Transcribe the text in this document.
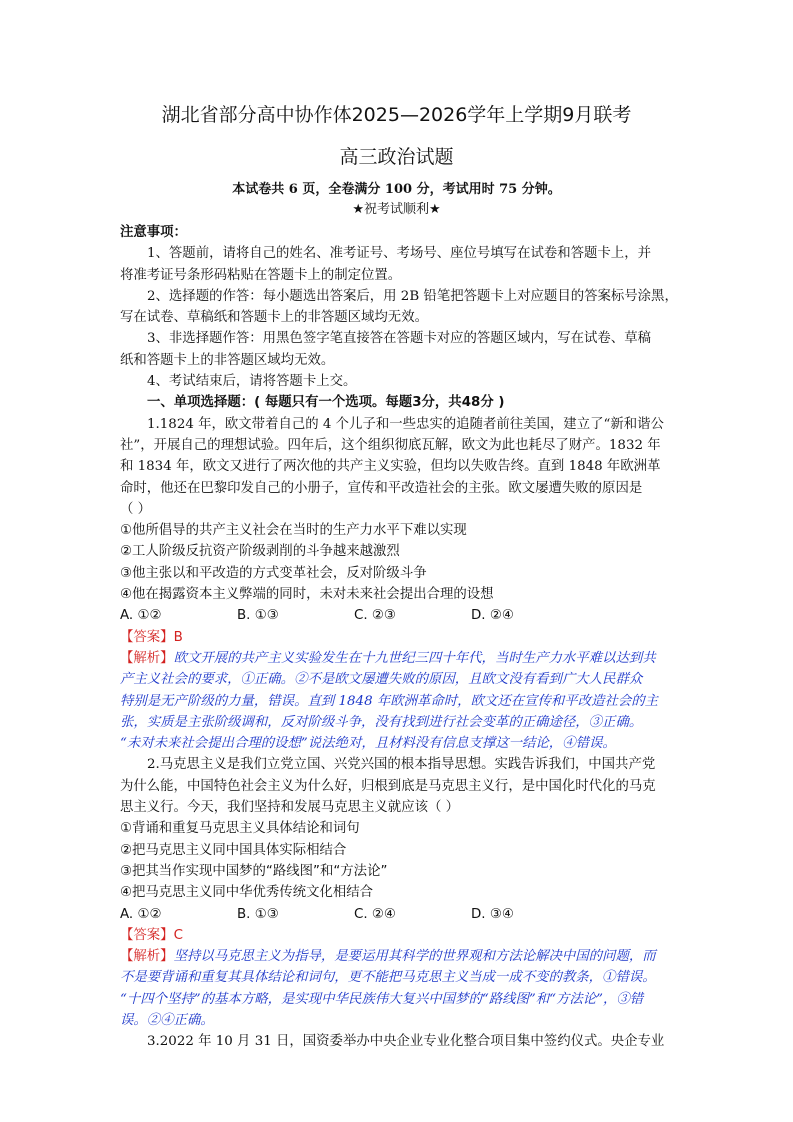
湖北省部分高中协作体2025—2026学年上学期9月联考
高三政治试题
本试卷共 6 页，全卷满分 100 分，考试用时 75 分钟。
★祝考试顺利★
注意事项：
1、答题前，请将自己的姓名、准考证号、考场号、座位号填写在试卷和答题卡上，并
将准考证号条形码粘贴在答题卡上的制定位置。
2、选择题的作答：每小题选出答案后，用 2B 铅笔把答题卡上对应题目的答案标号涂黑，
写在试卷、草稿纸和答题卡上的非答题区域均无效。
3、非选择题作答：用黑色签字笔直接答在答题卡对应的答题区域内，写在试卷、草稿
纸和答题卡上的非答题区域均无效。
4、考试结束后，请将答题卡上交。
一、单项选择题：( 每题只有一个选项。每题3分，共48分 )
1.1824 年，欧文带着自己的 4 个儿子和一些忠实的追随者前往美国，建立了“新和谐公
社”，开展自己的理想试验。四年后，这个组织彻底瓦解，欧文为此也耗尽了财产。1832 年
和 1834 年，欧文又进行了两次他的共产主义实验，但均以失败告终。直到 1848 年欧洲革
命时，他还在巴黎印发自己的小册子，宣传和平改造社会的主张。欧文屡遭失败的原因是
（ ）
①他所倡导的共产主义社会在当时的生产力水平下难以实现
②工人阶级反抗资产阶级剥削的斗争越来越激烈
③他主张以和平改造的方式变革社会，反对阶级斗争
④他在揭露资本主义弊端的同时，未对未来社会提出合理的设想
A. ①②	B. ①③	C. ②③	D. ②④
【答案】B
【解析】欧文开展的共产主义实验发生在十九世纪三四十年代，当时生产力水平难以达到共
产主义社会的要求，①正确。②不是欧文屡遭失败的原因，且欧文没有看到广大人民群众
特别是无产阶级的力量，错误。直到 1848 年欧洲革命时，欧文还在宣传和平改造社会的主
张，实质是主张阶级调和，反对阶级斗争，没有找到进行社会变革的正确途径，③正确。
“未对未来社会提出合理的设想”说法绝对，且材料没有信息支撑这一结论，④错误。
2.马克思主义是我们立党立国、兴党兴国的根本指导思想。实践告诉我们，中国共产党
为什么能，中国特色社会主义为什么好，归根到底是马克思主义行，是中国化时代化的马克
思主义行。今天，我们坚持和发展马克思主义就应该（ ）
①背诵和重复马克思主义具体结论和词句
②把马克思主义同中国具体实际相结合
③把其当作实现中国梦的“路线图”和“方法论”
④把马克思主义同中华优秀传统文化相结合
A. ①②	B. ①③	C. ②④	D. ③④
【答案】C
【解析】坚持以马克思主义为指导，是要运用其科学的世界观和方法论解决中国的问题，而
不是要背诵和重复其具体结论和词句，更不能把马克思主义当成一成不变的教条，①错误。
“十四个坚持”的基本方略，是实现中华民族伟大复兴中国梦的“路线图”和“方法论”，③错
误。②④正确。
3.2022 年 10 月 31 日，国资委举办中央企业专业化整合项目集中签约仪式。央企专业
